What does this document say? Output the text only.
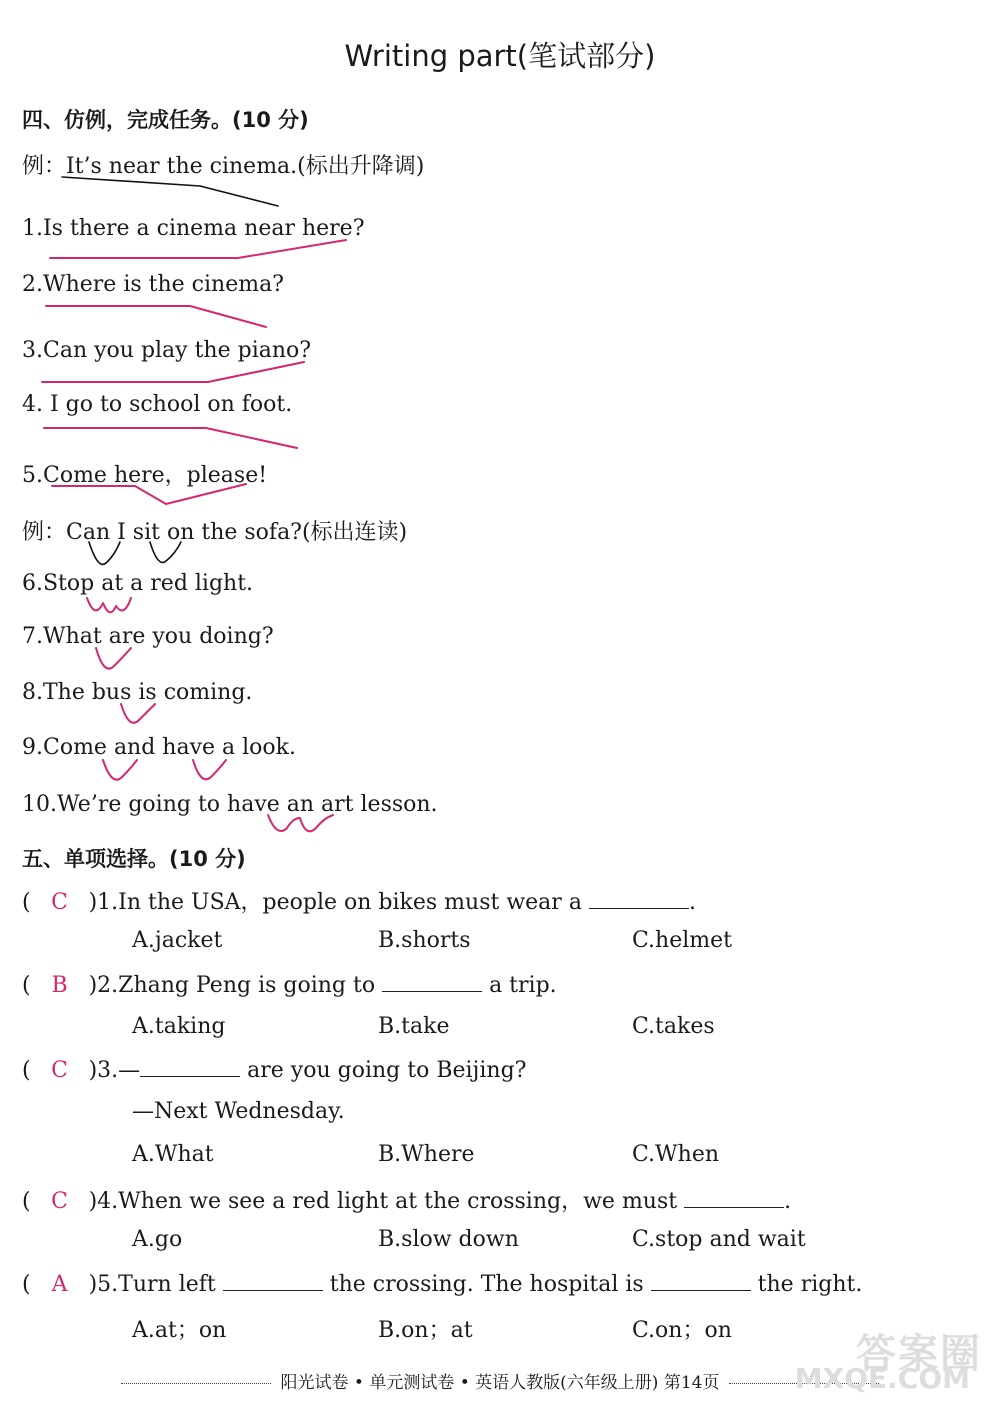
Writing part(笔试部分)
四、仿例，完成任务。(10 分)
例：It’s near the cinema.(标出升降调)
1.Is there a cinema near here?
2.Where is the cinema?
3.Can you play the piano?
4. I go to school on foot.
5.Come here，please!
例：Can I sit on the sofa?(标出连读)
6.Stop at a red light.
7.What are you doing?
8.The bus is coming.
9.Come and have a look.
10.We’re going to have an art lesson.
五、单项选择。(10 分)
( C )1.In the USA，people on bikes must wear a	.
A.jacket	B.shorts	C.helmet
( B )2.Zhang Peng is going to	a trip.
A.taking	B.take	C.takes
( C )3.—	are you going to Beijing?
—Next Wednesday.
A.What	B.Where	C.When
( C )4.When we see a red light at the crossing，we must	.
A.go	B.slow down	C.stop and wait
( A )5.Turn left	the crossing. The hospital is	the right.
A.at；on	B.on；at	C.on；on
阳光试卷 • 单元测试卷 • 英语人教版(六年级上册) 第14页
答案圈
MXQE.COM
